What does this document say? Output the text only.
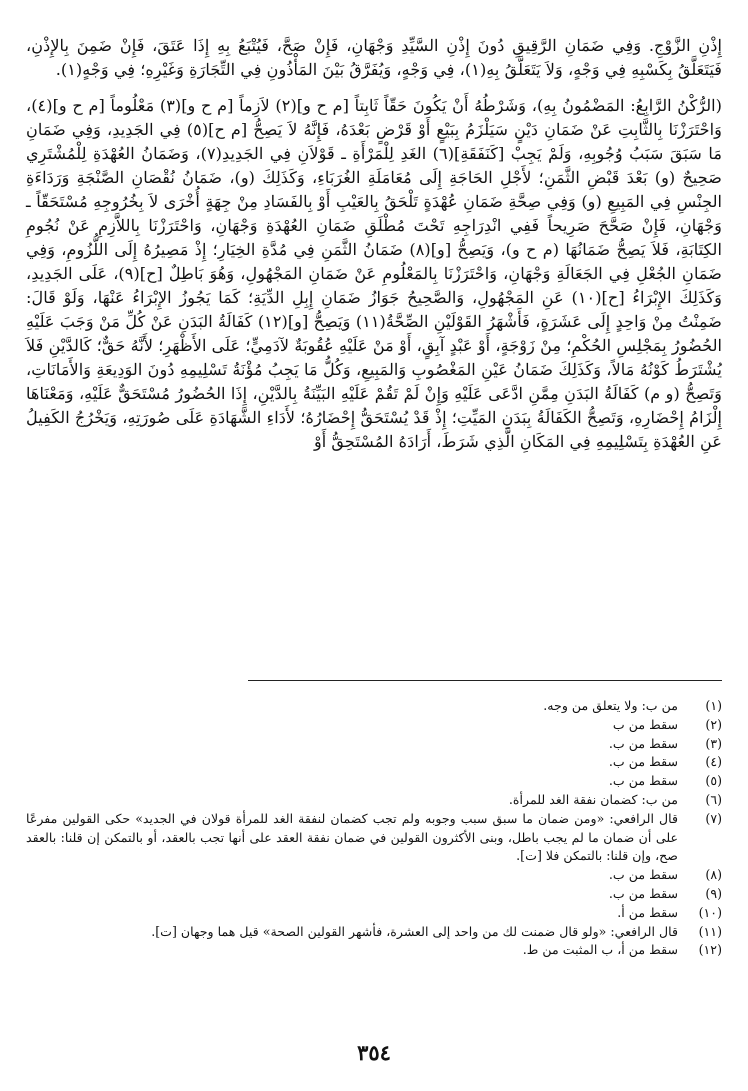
إِذْنِ الزَّوْجِ. وَفِي ضَمَانِ الرَّقِيقِ دُونَ إِذْنِ السَّيِّدِ وَجْهَانِ، فَإِنْ صَحَّ، فَيُتْبَعُ بِهِ إِذَا عَتَقَ، فَإِنْ ضَمِنَ بِالإِذْنِ، فَيَتَعَلَّقُ بِكَسْبِهِ فِي وَجْهٍ، وَلاَ يَتَعَلَّقُ بِهِ(١)، فِي وَجْهٍ، وَيُفَرَّقُ بَيْنَ المَأْذُونِ فِي التِّجَارَةِ وَغَيْرِهِ؛ فِي وَجْهٍ(١).

(الرُّكْنُ الرَّابِعُ: المَضْمُونُ بِهِ)، وَشَرْطُهُ أَنْ يَكُونَ حَقّاً ثَابِتاً [م ح و](٢) لاَزِماً [م ح و](٣) مَعْلُوماً [م ح و](٤)، وَاحْتَرَزْنَا بِالثَّابِتِ عَنْ ضَمَانِ دَيْنٍ سَيَلْزَمُ بِبَيْعٍ أَوْ قَرْضٍ بَعْدَهُ، فَإِنَّهُ لاَ يَصِحُّ [م ح](٥) فِي الجَدِيدِ، وَفِي ضَمَانِ مَا سَبَقَ سَبَبُ وُجُوبِهِ، وَلَمْ يَجِبْ [كَنَفَقَةِ](٦) الغَدِ لِلْمَرْأَةِ ـ قَوْلاَنِ فِي الجَدِيدِ(٧)، وَضَمَانُ العُهْدَةِ لِلْمُشْتَرِي صَحِيحٌ (و) بَعْدَ قَبْضِ الثَّمَنِ؛ لأَجْلِ الحَاجَةِ إِلَى مُعَامَلَةِ الغُرَبَاءِ، وَكَذَلِكَ (و)، ضَمَانُ نُقْصَانِ الصَّنْجَةِ وَرَدَاءَةِ الجِنْسِ فِي المَبِيعِ (و) وَفِي صِحَّةِ ضَمَانِ عُهْدَةٍ تَلْحَقُ بِالعَيْبِ أَوْ بِالفَسَادِ مِنْ جِهَةٍ أُخْرَى لاَ بِخُرُوجِهِ مُسْتَحَقّاً ـ وَجْهَانِ، فَإِنْ صَحَّحَ صَرِيحاً فَفِي انْدِرَاجِهِ تَحْتَ مُطْلَقِ ضَمَانِ العُهْدَةِ وَجْهَانِ، وَاحْتَرَزْنَا بِاللاَّزِمِ عَنْ نُجُومِ الكِتَابَةِ، فَلاَ يَصِحُّ ضَمَانُهَا (م ح و)، وَيَصِحُّ [و](٨) ضَمَانُ الثَّمَنِ فِي مُدَّةِ الخِيَارِ؛ إِذْ مَصِيرُهُ إِلَى اللُّزُومِ، وَفِي ضَمَانِ الجُعْلِ فِي الجَعَالَةِ وَجْهَانِ، وَاحْتَرَزْنَا بِالمَعْلُومِ عَنْ ضَمَانِ المَجْهُولِ، وَهُوَ بَاطِلٌ [ح](٩)، عَلَى الجَدِيدِ، وَكَذَلِكَ الإِبْرَاءُ [ح](١٠) عَنِ المَجْهُولِ، وَالصَّحِيحُ جَوَازُ ضَمَانِ إِبِلِ الدِّيَةِ؛ كَمَا يَجُوزُ الإِبْرَاءُ عَنْهَا، وَلَوْ قَالَ: ضَمِنْتُ مِنْ وَاحِدٍ إِلَى عَشَرَةٍ، فَأَشْهَرُ القَوْلَيْنِ الصِّحَّةُ(١١) وَيَصِحُّ [و](١٢) كَفَالَةُ البَدَنِ عَنْ كُلِّ مَنْ وَجَبَ عَلَيْهِ الحُضُورُ بِمَجْلِسِ الحُكْمِ؛ مِنْ زَوْجَةٍ، أَوْ عَبْدٍ آبِقٍ، أَوْ مَنْ عَلَيْهِ عُقُوبَةٌ لآدَمِيٍّ؛ عَلَى الأَظْهَرِ؛ لأَنَّهُ حَقٌّ؛ كَالدَّيْنِ فَلاَ يُشْتَرَطُ كَوْنُهُ مَالاً، وَكَذَلِكَ ضَمَانُ عَيْنِ المَغْصُوبِ وَالمَبِيعِ، وَكُلُّ مَا يَجِبُ مُؤْنَةُ تَسْلِيمِهِ دُونَ الوَدِيعَةِ وَالأَمَانَاتِ، وَتَصِحُّ (و م) كَفَالَةُ البَدَنِ مِمَّنِ ادَّعَى عَلَيْهِ وَإِنْ لَمْ تَقُمْ عَلَيْهِ البَيِّنَةُ بِالدَّيْنِ، إِذَا الحُضُورُ مُسْتَحَقٌّ عَلَيْهِ، وَمَعْنَاهَا إِلْزَامُ إِحْضَارِهِ، وَتَصِحُّ الكَفَالَةُ بِبَدَنِ المَيِّتِ؛ إِذْ قَدْ يُسْتَحَقُّ إِحْضَارُهُ؛ لأَدَاءِ الشَّهَادَةِ عَلَى صُورَتِهِ، وَيَخْرُجُ الكَفِيلُ عَنِ العُهْدَةِ بِتَسْلِيمِهِ فِي المَكَانِ الَّذِي شَرَطَ، أَرَادَهُ المُسْتَحِقُّ أَوْ

(١)
من ب: ولا يتعلق من وجه.
(٢)
سقط من ب
(٣)
سقط من ب.
(٤)
سقط من ب.
(٥)
سقط من ب.
(٦)
من ب: كضمان نفقة الغد للمرأة.
(٧)
قال الرافعي: «ومن ضمان ما سبق سبب وجوبه ولم تجب كضمان لنفقة الغد للمرأة قولان في الجديد» حكى القولين مفرعًا على أن ضمان ما لم يجب باطل، وبنى الأكثرون القولين في ضمان نفقة العقد على أنها تجب بالعقد، أو بالتمكن إن قلنا: بالعقد صح، وإن قلنا: بالتمكن فلا [ت].
(٨)
سقط من ب.
(٩)
سقط من ب.
(١٠)
سقط من أ.
(١١)
قال الرافعي: «ولو قال ضمنت لك من واحد إلى العشرة، فأشهر القولين الصحة» قيل هما وجهان [ت].
(١٢)
سقط من أ، ب المثبت من ط.
٣٥٤
